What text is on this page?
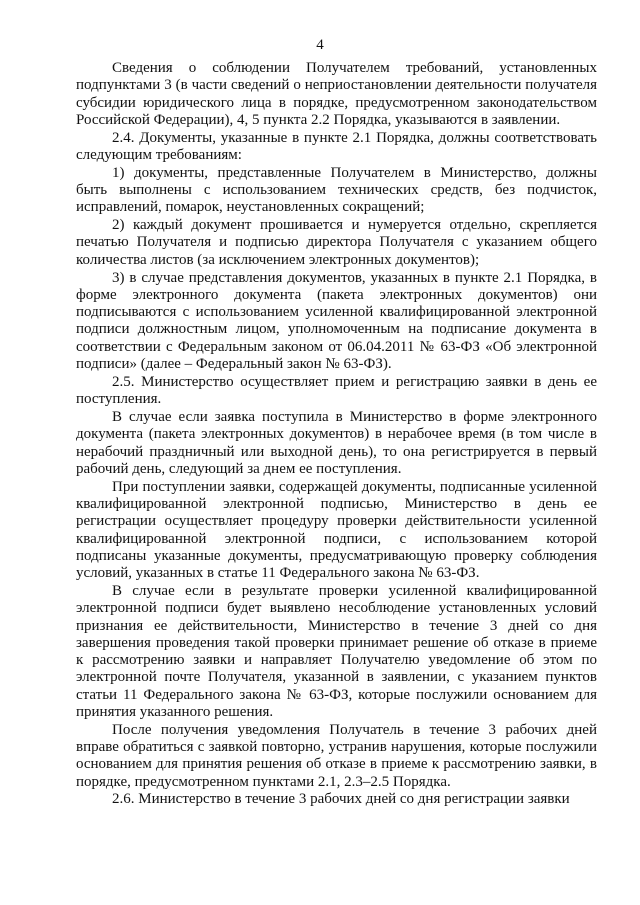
4

Сведения о соблюдении Получателем требований, установленных подпунктами 3 (в части сведений о неприостановлении деятельности получателя субсидии юридического лица в порядке, предусмотренном законодательством Российской Федерации), 4, 5 пункта 2.2 Порядка, указываются в заявлении.

2.4. Документы, указанные в пункте 2.1 Порядка, должны соответствовать следующим требованиям:

1) документы, представленные Получателем в Министерство, должны быть выполнены с использованием технических средств, без подчисток, исправлений, помарок, неустановленных сокращений;

2) каждый документ прошивается и нумеруется отдельно, скрепляется печатью Получателя и подписью директора Получателя с указанием общего количества листов (за исключением электронных документов);

3) в случае представления документов, указанных в пункте 2.1 Порядка, в форме электронного документа (пакета электронных документов) они подписываются с использованием усиленной квалифицированной электронной подписи должностным лицом, уполномоченным на подписание документа в соответствии с Федеральным законом от 06.04.2011 № 63-ФЗ «Об электронной подписи» (далее – Федеральный закон № 63-ФЗ).

2.5. Министерство осуществляет прием и регистрацию заявки в день ее поступления.

В случае если заявка поступила в Министерство в форме электронного документа (пакета электронных документов) в нерабочее время (в том числе в нерабочий праздничный или выходной день), то она регистрируется в первый рабочий день, следующий за днем ее поступления.

При поступлении заявки, содержащей документы, подписанные усиленной квалифицированной электронной подписью, Министерство в день ее регистрации осуществляет процедуру проверки действительности усиленной квалифицированной электронной подписи, с использованием которой подписаны указанные документы, предусматривающую проверку соблюдения условий, указанных в статье 11 Федерального закона № 63-ФЗ.

В случае если в результате проверки усиленной квалифицированной электронной подписи будет выявлено несоблюдение установленных условий признания ее действительности, Министерство в течение 3 дней со дня завершения проведения такой проверки принимает решение об отказе в приеме к рассмотрению заявки и направляет Получателю уведомление об этом по электронной почте Получателя, указанной в заявлении, с указанием пунктов статьи 11 Федерального закона № 63-ФЗ, которые послужили основанием для принятия указанного решения.

После получения уведомления Получатель в течение 3 рабочих дней вправе обратиться с заявкой повторно, устранив нарушения, которые послужили основанием для принятия решения об отказе в приеме к рассмотрению заявки, в порядке, предусмотренном пунктами 2.1, 2.3–2.5 Порядка.

2.6. Министерство в течение 3 рабочих дней со дня регистрации заявки
